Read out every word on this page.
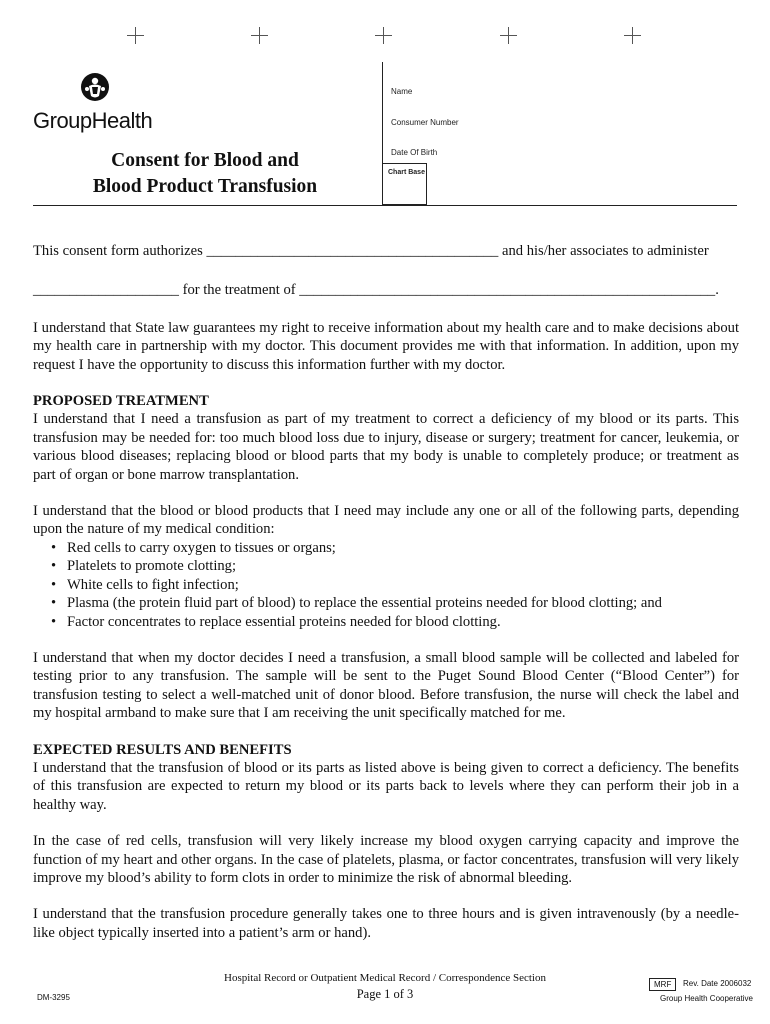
GroupHealth
Consent for Blood and
Blood Product Transfusion
Name
Consumer Number
Date Of Birth
Chart Base

This consent form authorizes ________________________________________ and his/her associates to administer

____________________ for the treatment of _________________________________________________________.

I understand that State law guarantees my right to receive information about my health care and to make decisions about my health care in partnership with my doctor. This document provides me with that information. In addition, upon my request I have the opportunity to discuss this information further with my doctor.

PROPOSED TREATMENT

I understand that I need a transfusion as part of my treatment to correct a deficiency of my blood or its parts. This transfusion may be needed for: too much blood loss due to injury, disease or surgery; treatment for cancer, leukemia, or various blood diseases; replacing blood or blood parts that my body is unable to completely produce; or treatment as part of organ or bone marrow transplantation.

I understand that the blood or blood products that I need may include any one or all of the following parts, depending upon the nature of my medical condition:

• Red cells to carry oxygen to tissues or organs;
• Platelets to promote clotting;
• White cells to fight infection;
• Plasma (the protein fluid part of blood) to replace the essential proteins needed for blood clotting; and
• Factor concentrates to replace essential proteins needed for blood clotting.

I understand that when my doctor decides I need a transfusion, a small blood sample will be collected and labeled for testing prior to any transfusion. The sample will be sent to the Puget Sound Blood Center (“Blood Center”) for transfusion testing to select a well-matched unit of donor blood. Before transfusion, the nurse will check the label and my hospital armband to make sure that I am receiving the unit specifically matched for me.

EXPECTED RESULTS AND BENEFITS

I understand that the transfusion of blood or its parts as listed above is being given to correct a deficiency. The benefits of this transfusion are expected to return my blood or its parts back to levels where they can perform their job in a healthy way.

In the case of red cells, transfusion will very likely increase my blood oxygen carrying capacity and improve the function of my heart and other organs. In the case of platelets, plasma, or factor concentrates, transfusion will very likely improve my blood’s ability to form clots in order to minimize the risk of abnormal bleeding.

I understand that the transfusion procedure generally takes one to three hours and is given intravenously (by a needle-like object typically inserted into a patient’s arm or hand).

Hospital Record or Outpatient Medical Record / Correspondence Section
Page 1 of 3
DM-3295
MRF	Rev. Date 2006032
Group Health Cooperative
